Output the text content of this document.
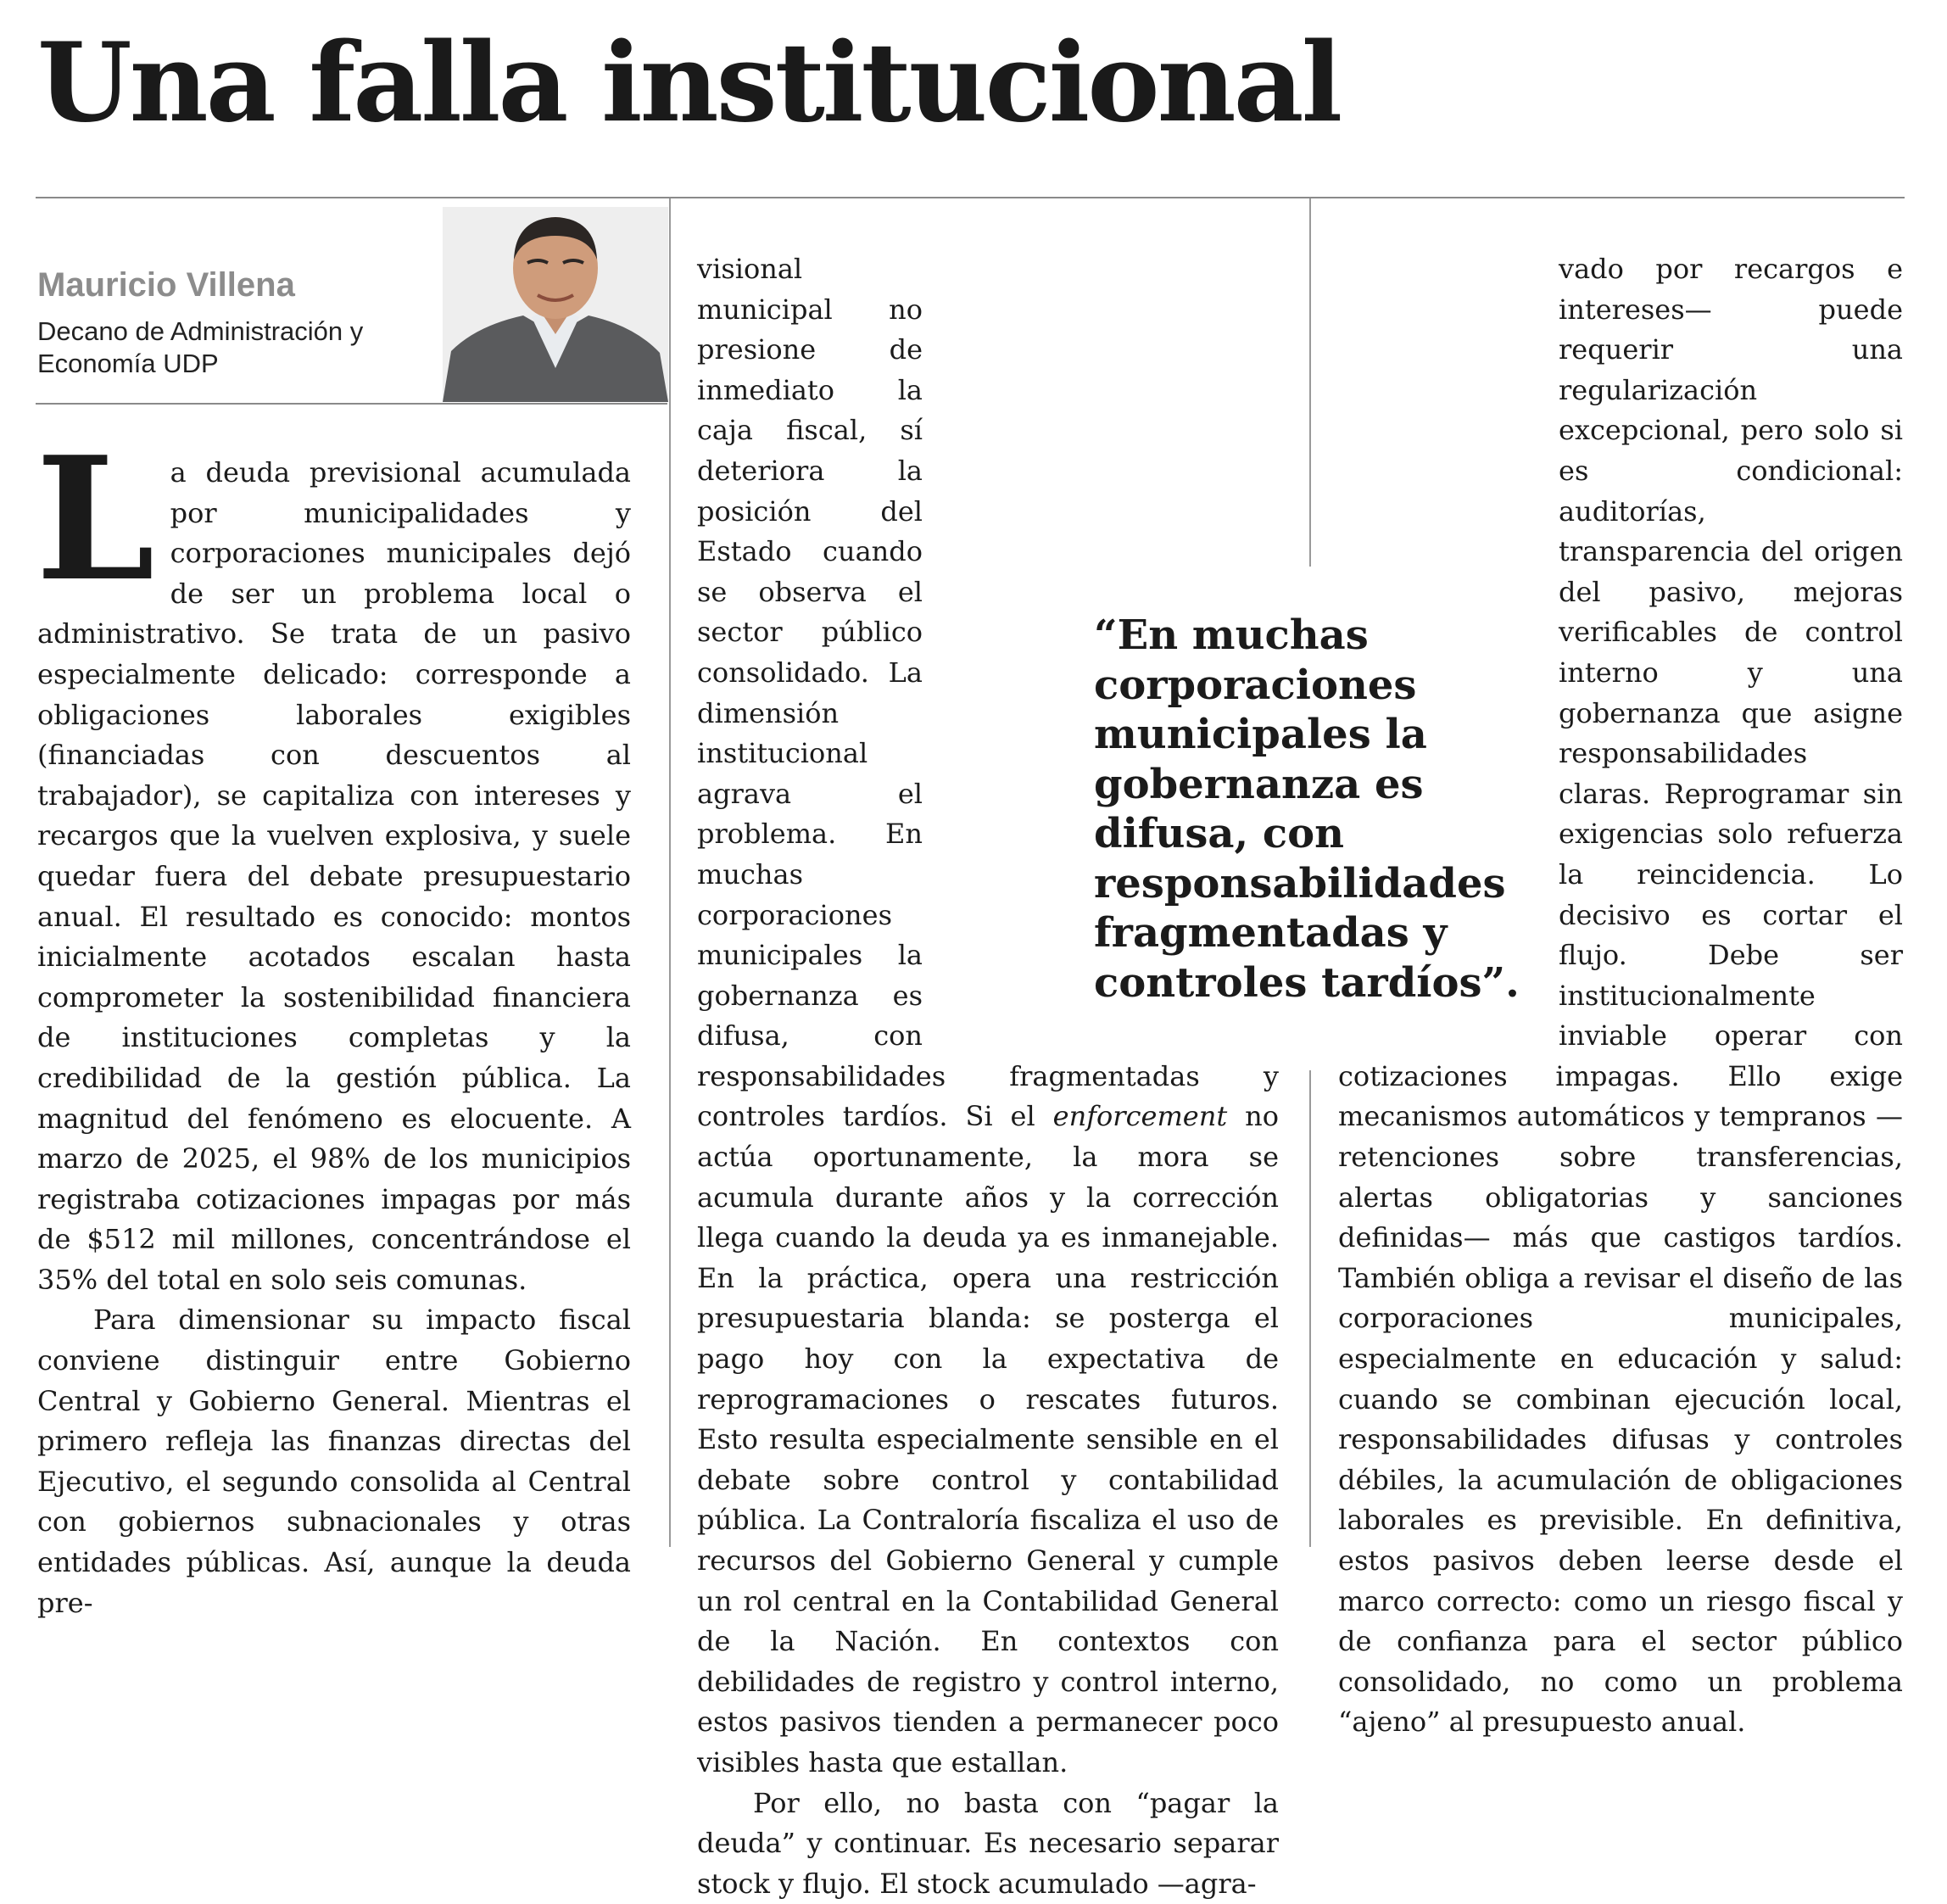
Una falla institucional
Mauricio Villena
Decano de Administración y
Economía UDP

La deuda previsional acumulada por municipalidades y corporaciones municipales dejó de ser un problema local o administrativo. Se trata de un pasivo especialmente delicado: corresponde a obligaciones laborales exigibles (financiadas con descuentos al trabajador), se capitaliza con intereses y recargos que la vuelven explosiva, y suele quedar fuera del debate presupuestario anual. El resultado es conocido: montos inicialmente acotados escalan hasta comprometer la sostenibilidad financiera de instituciones completas y la credibilidad de la gestión pública. La magnitud del fenómeno es elocuente. A marzo de 2025, el 98% de los municipios registraba cotizaciones impagas por más de $512 mil millones, concentrándose el 35% del total en solo seis comunas.

Para dimensionar su impacto fiscal conviene distinguir entre Gobierno Central y Gobierno General. Mientras el primero refleja las finanzas directas del Ejecutivo, el segundo consolida al Central con gobiernos subnacionales y otras entidades públicas. Así, aunque la deuda pre-

visional municipal no presione de inmediato la caja fiscal, sí deteriora la posición del Estado cuando se observa el sector público consolidado. La dimensión institucional agrava el problema. En muchas corporaciones municipales la gobernanza es difusa, con responsabilidades fragmentadas y controles tardíos. Si el enforcement no actúa oportunamente, la mora se acumula durante años y la corrección llega cuando la deuda ya es inmanejable. En la práctica, opera una restricción presupuestaria blanda: se posterga el pago hoy con la expectativa de reprogramaciones o rescates futuros. Esto resulta especialmente sensible en el debate sobre control y contabilidad pública. La Contraloría fiscaliza el uso de recursos del Gobierno General y cumple un rol central en la Contabilidad General de la Nación. En contextos con debilidades de registro y control interno, estos pasivos tienden a permanecer poco visibles hasta que estallan.

Por ello, no basta con “pagar la deuda” y continuar. Es necesario separar stock y flujo. El stock acumulado —agra-

vado por recargos e intereses— puede requerir una regularización excepcional, pero solo si es condicional: auditorías, transparencia del origen del pasivo, mejoras verificables de control interno y una gobernanza que asigne responsabilidades claras. Reprogramar sin exigencias solo refuerza la reincidencia. Lo decisivo es cortar el flujo. Debe ser institucionalmente inviable operar con cotizaciones impagas. Ello exige mecanismos automáticos y tempranos —retenciones sobre transferencias, alertas obligatorias y sanciones definidas— más que castigos tardíos. También obliga a revisar el diseño de las corporaciones municipales, especialmente en educación y salud: cuando se combinan ejecución local, responsabilidades difusas y controles débiles, la acumulación de obligaciones laborales es previsible. En definitiva, estos pasivos deben leerse desde el marco correcto: como un riesgo fiscal y de confianza para el sector público consolidado, no como un problema “ajeno” al presupuesto anual.

“En muchas corporaciones municipales la gobernanza es difusa, con responsabilidades fragmentadas y controles tardíos”.
